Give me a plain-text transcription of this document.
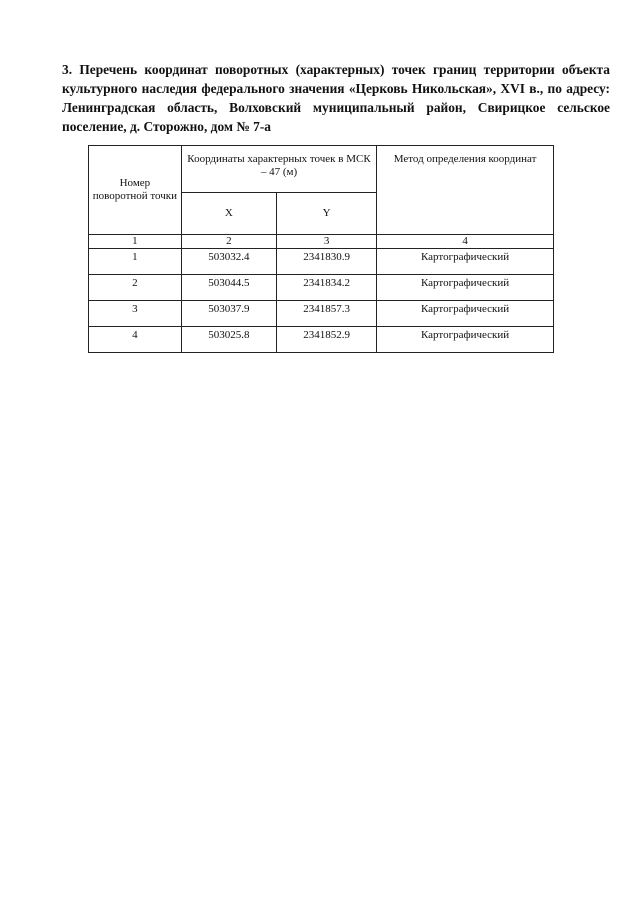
3. Перечень координат поворотных (характерных) точек границ территории объекта культурного наследия федерального значения «Церковь Никольская», XVI в., по адресу: Ленинградская область, Волховский муниципальный район, Свирицкое сельское поселение, д. Сторожно, дом № 7-а
Номер поворотной точки	Координаты характерных точек в МСК – 47 (м)		Метод определения координат
	X	Y	
1	2	3	4
1	503032.4	2341830.9	Картографический
2	503044.5	2341834.2	Картографический
3	503037.9	2341857.3	Картографический
4	503025.8	2341852.9	Картографический
